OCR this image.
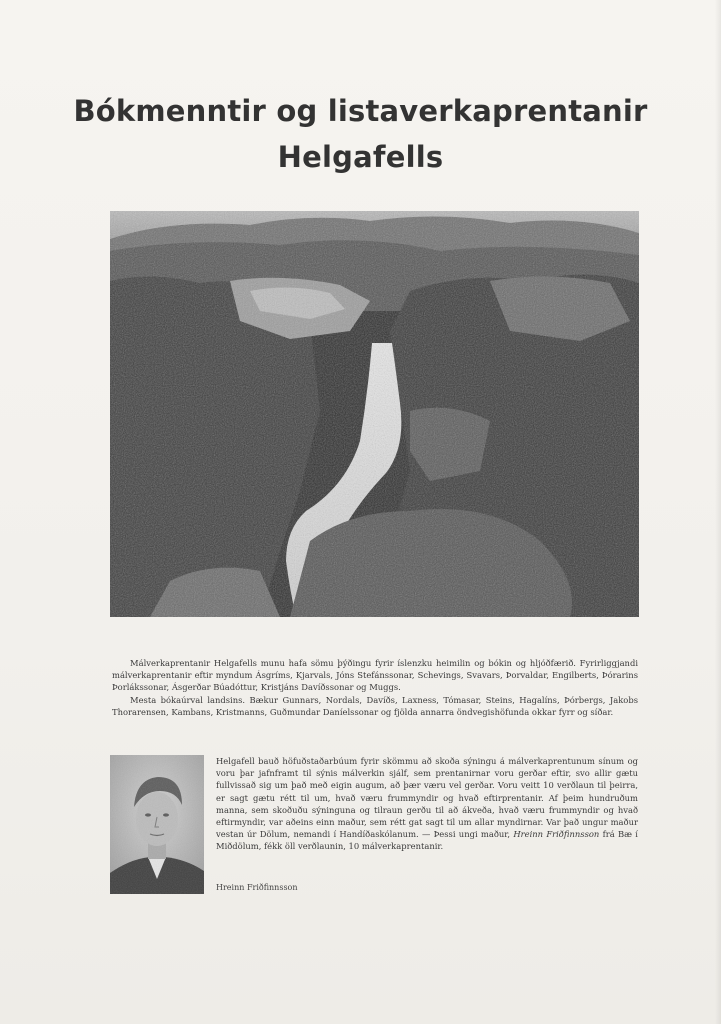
Bókmenntir og listaverkaprentanir
Helgafells

Málverkaprentanir Helgafells munu hafa sömu þýðingu fyrir íslenzku heimilin og bókin og hljóðfærið. Fyrirliggjandi málverkaprentanir eftir myndum Ásgríms, Kjarvals, Jóns Stefánssonar, Schevings, Svavars, Þorvaldar, Engilberts, Þórarins Þorlákssonar, Ásgerðar Búadóttur, Kristjáns Davíðssonar og Muggs.

Mesta bókaúrval landsins. Bækur Gunnars, Nordals, Davíðs, Laxness, Tómasar, Steins, Hagalíns, Þórbergs, Jakobs Thorarensen, Kambans, Kristmanns, Guðmundar Daníelssonar og fjölda annarra öndvegishöfunda okkar fyrr og síðar.

Helgafell bauð höfuðstaðarbúum fyrir skömmu að skoða sýningu á málverkaprentunum sínum og voru þar jafnframt til sýnis málverkin sjálf, sem prentanirnar voru gerðar eftir, svo allir gætu fullvissað sig um það með eigin augum, að þær væru vel gerðar. Voru veitt 10 verðlaun til þeirra, er sagt gætu rétt til um, hvað væru frummyndir og hvað eftirprentanir. Af þeim hundruðum manna, sem skoðuðu sýninguna og tilraun gerðu til að ákveða, hvað væru frummyndir og hvað eftirmyndir, var aðeins einn maður, sem rétt gat sagt til um allar myndirnar. Var það ungur maður vestan úr Dölum, nemandi í Handíðaskólanum. — Þessi ungi maður, Hreinn Friðfinnsson frá Bæ í Miðdölum, fékk öll verðlaunin, 10 málverkaprentanir.

Hreinn Friðfinnsson
